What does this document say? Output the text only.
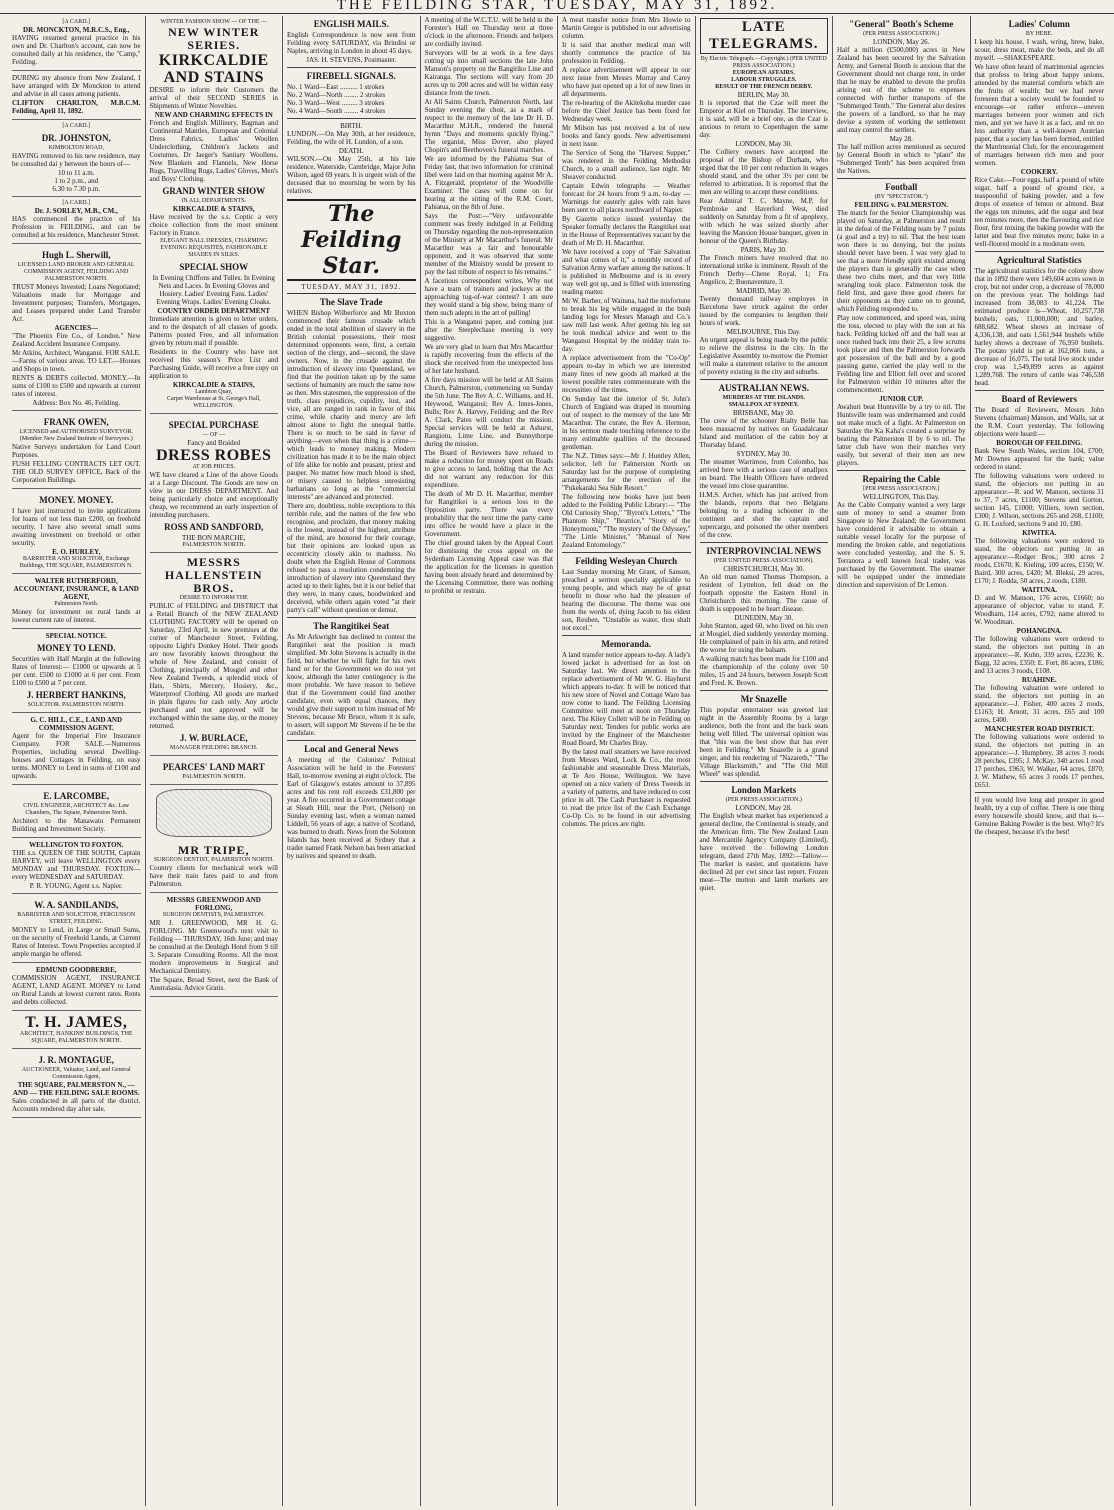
THE FEILDING STAR, TUESDAY, MAY 31, 1892.
[A CARD.]
DR. MONCKTON, M.R.C.S., Eng.,

HAVING resumed general practice in his own and Dr. Charlton's account, can now be consulted daily at his residence, the "Camp," Feilding.

DURING my absence from New Zealand, I have arranged with Dr Monckton to attend and advise in all cases among patients.

CLIFTON CHARLTON, M.B.C.M. Feilding, April 11, 1892.

[A CARD.]
DR. JOHNSTON,
KIMBOLTON ROAD,

HAVING removed to his new residence, may be consulted dai y between the hours of—

10 to 11 a.m.
1 to 2 p.m., and
6.30 to 7.30 p.m.
[A CARD.]
Dr. J. SORLEY, M.B., CM.,

HAS commenced the practice of his Profession in FEILDING, and can be consulted at his residence, Manchester Street.

Hugh L. Sherwill,
LICENSED LAND BROKER AND GENERAL COMMISSION AGENT, FEILDING AND PALMERSTON NORTH.

TRUST Moneys Invested; Loans Negotiated; Valuations made for Mortgage and Investment purposes; Transfers, Mortgages, and Leases prepared under Land Transfer Act.

AGENCIES—

"The Phoenix Fire Co., of London." New Zealand Accident Insurance Company.

Mr Atkins, Architect, Wanganui. FOR SALE.—Farms of various areas. TO LET.—Houses and Shops in town.

RENTS & DEBTS collected. MONEY.—In sums of £100 to £500 and upwards at current rates of interest.

Address: Box No. 46, Feilding.
FRANK OWEN,
LICENSED and AUTHORISED SURVEYOR. (Member New Zealand Institute of Surveyors.)

Native Surveys undertaken for Land Court Purposes.

FUSH FELLING CONTRACTS LET OUT. THE OLD SURVEY OFFICE, Back of the Corporation Buildings.

MONEY. MONEY.

I have just instructed to invite applications for loans of not less than £200, on freehold security. I have also several small sums awaiting investment on freehold or other security.

E. O. HURLEY,
BARRISTER AND SOLICITOR, Exchange Buildings, THE SQUARE, PALMERSTON N.
WALTER RUTHERFORD, ACCOUNTANT, INSURANCE, & LAND AGENT,
Palmerston North.

Money for investment on rural lands at lowest current rate of interest.

SPECIAL NOTICE.
MONEY TO LEND.

Securities with Half Margin at the following Rates of Interest:— £1000 or upwards at 5 per cent. £500 to £1000 at 6 per cent. From £100 to £500 at 7 per cent.

J. HERBERT HANKINS,
SOLICITOR. PALMERSTON NORTH.
G. C. HILL, C.E., LAND AND COMMISSION AGENT.

Agent for the Imperial Fire Insurance Company. FOR SALE.—Numerous Properties, including several Dwelling-houses and Cottages in Feilding, on easy terms. MONEY to Lend in sums of £100 and upwards.

E. LARCOMBE,
CIVIL ENGINEER, ARCHITECT &c. Law Chambers, The Square, Palmerston North.

Architect to the Manawatu Permanent Building and Investment Society.

WELLINGTON TO FOXTON.

THE s.s. QUEEN OF THE SOUTH, Captain HARVEY, will leave WELLINGTON every MONDAY and THURSDAY. FOXTON—every WEDNESDAY and SATURDAY.

P. R. YOUNG, Agent s.s. Napier.
W. A. SANDILANDS,
BARRISTER AND SOLICITOR, FERGUSSON STREET, FEILDING.

MONEY to Lend, in Large or Small Sums, on the security of Freehold Lands, at Current Rates of Interest. Town Properties accepted if ample margin be offered.

EDMUND GOODBERRE,

COMMISSION AGENT, INSURANCE AGENT, LAND AGENT. MONEY to Lend on Rural Lands at lowest current rates. Rents and debts collected.

T. H. JAMES,
ARCHITECT, HANKINS' BUILDINGS, THE SQUARE, PALMERSTON NORTH.
J. R. MONTAGUE,
AUCTIONEER, Valuator, Land, and General Commission Agent,
THE SQUARE, PALMERSTON N., — AND — THE FEILDING SALE ROOMS.

Sales conducted in all parts of the district. Accounts rendered day after sale.

WINTER FASHION SHOW — OF THE —
NEW WINTER SERIES.
KIRKCALDIE AND STAINS

DESIRE to inform their Customers the arrival of their SECOND SERIES in Shipments of Winter Novelties.

NEW AND CHARMING EFFECTS IN

French and English Millinery, Bagman and Continental Mantles, European and Colonial Dress Fabrics, Ladies' Woollen Underclothing, Children's Jackets and Costumes, Dr Jaeger's Sanitary Woollens, New Blankets and Flannels, New Horse Rugs, Travelling Rugs, Ladies' Gloves, Men's and Boys' Clothing.

GRAND WINTER SHOW
IN ALL DEPARTMENTS.
KIRKCALDIE & STAINS,

Have received by the s.s. Coptic a very choice collection from the most eminent Factory in France.

ELEGANT BALL DRESSES, CHARMING EVENING REQUISITES, FASHIONABLE SHADES IN SILKS.
SPECIAL SHOW

In Evening Chiffons and Tulles. In Evening Nets and Laces. In Evening Gloves and Hosiery. Ladies' Evening Fans. Ladies' Evening Wraps. Ladies' Evening Cloaks.

COUNTRY ORDER DEPARTMENT

Immediate attention is given to letter orders, and to the despatch of all classes of goods. Patterns posted Free, and all information given by return mail if possible.

Residents in the Country who have not received this season's Price List and Purchasing Guide, will receive a free copy on application to

KIRKCALDIE & STAINS,
Lambton Quay,
Carpet Warehouse at St. George's Hall, WELLINGTON.
SPECIAL PURCHASE
— OF —
Fancy and Braided
DRESS ROBES
AT JOB PRICES.

WE have cleared a Line of the above Goods at a Large Discount. The Goods are now on view in our DRESS DEPARTMENT. And being particularly choice and exceptionally cheap, we recommend an early inspection of intending purchasers.

ROSS AND SANDFORD,
THE BON MARCHE,
PALMERSTON NORTH.
MESSRS HALLENSTEIN BROS.
DESIRE TO INFORM THE

PUBLIC of FEILDING and DISTRICT that a Retail Branch of the NEW ZEALAND CLOTHING FACTORY will be opened on Saturday, 23rd April, in new premises at the corner of Manchester Street, Feilding, opposite Light's Donkey Hotel. Their goods are now favorably known throughout the whole of New Zealand, and consist of Clothing, principally of Mosgiel and other New Zealand Tweeds, a splendid stock of Hats, Shirts, Mercery, Hosiery, &c., Waterproof Clothing. All goods are marked in plain figures for cash only. Any article purchased and not approved will be exchanged within the same day, or the money returned.

J. W. BURLACE,
MANAGER FEILDING BRANCH.
PEARCES' LAND MART
PALMERSTON NORTH.
MR TRIPE,
SURGEON DENTIST, PALMERSTON NORTH.

Country clients for mechanical work will have their train fares paid to and from Palmerston.

MESSRS GREENWOOD AND FORLONG,
SURGEON DENTISTS, PALMERSTON.

MR J. GREENWOOD, MR H. G. FORLONG. Mr Greenwood's next visit to Feilding — THURSDAY, 16th June; and may be consulted at the Denbigh Hotel from 9 till 3. Separate Consulting Rooms. All the most modern improvements in Surgical and Mechanical Dentistry.

The Square, Broad Street, next the Bank of Australasia. Advice Gratis.

ENGLISH MAILS.

English Correspondence is now sent from Feilding every SATURDAY, via Brindisi or Naples, arriving in London in about 45 days.

JAS. H. STEVENS, Postmaster.
FIREBELL SIGNALS.
No. 1 Ward—East .......... 1 strokes
No. 2 Ward—North ........ 2 strokes
No. 3 Ward—West ......... 3 strokes
No. 4 Ward—South ........ 4 strokes
BIRTH.

LUNDON.—On May 30th, at her residence, Feilding, the wife of H. Lundon, of a son.

DEATH.

WILSON.—On May 25th, at his late residence, Waterside, Cambridge, Major John Wilson, aged 69 years. It is urgent wish of the deceased that no mourning be worn by his relatives.

The Feilding Star.
TUESDAY, MAY 31, 1892.
The Slave Trade

WHEN Bishop Wilberforce and Mr Buxton commenced their famous crusade which ended in the total abolition of slavery in the British colonial possessions, their most determined opponents were, first, a certain section of the clergy, and—second, the slave owners. Now, in the crusade against the introduction of slavery into Queensland, we find that the position taken up by the same sections of humanity are much the same now as then. Mrs statesmen, the suppression of the truth, class prejudices, cupidity, lust, and vice, all are ranged in rank in favor of this crime, while charity and mercy are left almost alone to fight the unequal battle. There is so much to be said in favor of anything—even when that thing is a crime—which leads to money making. Modern civilization has made it to be the main object of life alike for noble and peasant, priest and pauper. No matter how much blood is shed, or misery caused to helpless unresisting barbarians so long as the "commercial interests" are advanced and protected.

There are, doubtless, noble exceptions to this terrible rule, and the names of the few who recognise, and proclaim, that money making is the lowest, instead of the highest, attribute of the mind, are honored for their courage, but their opinions are looked upon as eccentricity closely akin to madness. No doubt when the English House of Commons refused to pass a resolution condemning the introduction of slavery into Queensland they acted up to their lights, but it is our belief that they were, in many cases, hoodwinked and deceived, while others again voted "at their party's call" without question or demur.

The Rangitikei Seat

As Mr Arkwright has declined to contest the Rangitikei seat the position is much simplified. Mr John Stevens is actually in the field, but whether he will fight for his own hand or for the Government we do not yet know, although the latter contingency is the more probable. We have reason to believe that if the Government could find another candidate, even with equal chances, they would give their support to him instead of Mr Stevens, because Mr Bruce, whom it is safe, to assert, will support Mr Stevens if he be the candidate.

Local and General News

A meeting of the Colonists' Political Association will be held in the Foresters' Hall, to-morrow evening at eight o'clock. The Earl of Glasgow's estates amount to 37,895 acres and his rent roll exceeds £31,800 per year. A fire occurred in a Government cottage at Sleath Hill, near the Port, (Nelson) on Sunday evening last, when a woman named Liddell, 56 years of age, a native of Scotland, was burned to death. News from the Solomon Islands has been received at Sydney that a trader named Frank Nelson has been attacked by natives and speared to death.

A meeting of the W.C.T.U. will be held in the Forester's Hall on Thursday next at three o'clock in the afternoon. Friends and helpers are cordially invited.

Surveyors will be at work in a few days cutting up into small sections the late John Manson's property on the Rangitiko Line and Kairanga. The sections will vary from 20 acres up to 200 acres and will be within easy distance from the town.

At All Saints Church, Palmerston North, last Sunday evening the choir, as a mark of respect to the memory of the late Dr H. D. Macarthur M.H.R., rendered the funeral hymn "Days and moments quickly flying." The organist, Miss Dover, also played Chopin's and Beethoven's funeral marches.

We are informed by the Pahiatua Star of Friday last, that two information for criminal libel were laid on that morning against Mr A. A. Fitzgerald, proprietor of the Woodville Examiner. The cases will come on for hearing at the sitting of the R.M. Court, Pahiatua, on the 8th of June.

Says the Post:—"Very unfavourable comment was freely indulged in at Feilding on Thursday regarding the non-representation of the Ministry at Mr Macarthur's funeral. Mr Macarthur was a fair and honourable opponent, and it was observed that some member of the Ministry would be present to pay the last tribute of respect to his remains."

A facetious correspondent writes, Why not have a team of trainers and jockeys at the approaching tug-of-war contest? I am sure they would stand a big show, being many of them such adepts in the art of pulling!

This is a Wanganui paper, and coming just after the Steeplechase meeting is very suggestive.

We are very glad to learn that Mrs Macarthur is rapidly recovering from the effects of the shock she received from the unexpected loss of her late husband.

A fire days mission will be held at All Saints Church, Palmerston, commencing on Sunday the 5th June. The Rev A. C. Williams, and H. Heywood, Wanganui; Rev A. Innes-Jones, Bulls; Rev A. Harvey, Feilding; and the Rev A. Clark, Pates will conduct the mission. Special services will be held at Ashurst, Rangiotu, Lime Line, and Bunnythorpe during the mission.

The Board of Reviewers have refused to make a reduction for money spent on Roads to give access to land, holding that the Act did not warrant any reduction for this expenditure.

The death of Mr D. H. Macarthur, member for Rangitikei is a serious loss to the Opposition party. There was every probability that the next time the party came into office he would have a place in the Government.

The chief ground taken by the Appeal Court for dismissing the cross appeal on the Sydenham Licensing Appeal case was that the application for the licenses in question having been already heard and determined by the Licensing Committee, there was nothing to prohibit or restrain.

A meat transfer notice from Mrs Howie to Martin Gregor is published in our advertising column.

It is said that another medical man will shortly commence the practice of his profession in Feilding.

A replace advertisement will appear in our next issue from Messrs Murray and Carey who have just opened up a lot of new lines in all departments.

The re-hearing of the Akitekoha murder case before the Chief Justice has been fixed for Wednesday week.

Mr Milson has just received a lot of new books and fancy goods. New advertisement in next issue.

The Service of Song the "Harvest Supper," was rendered in the Feilding Methodist Church, to a small audience, last night. Mr Sheaver conducted.

Captain Edwin telegraphs — Weather forecast for 24 hours from 9 a.m. to-day — Warnings for easterly gales with rain have been sent to all places northward of Napier.

By Gazette notice issued yesterday the Speaker formally declares the Rangitikei seat in the House of Representatives vacant by the death of Mr D. H. Macarthur.

We have received a copy of "Fair Salvation and what comes of it," a monthly record of Salvation Army warfare among the nations. It is published in Melbourne and is in every way well got up, and is filled with interesting reading matter.

Mr W. Barber, of Waituna, had the misfortune to break his leg while engaged in the bush landing logs for Messrs Managh and Co.'s saw mill last week. After getting his leg set he took medical advice and went to the Wanganui Hospital by the midday train to-day.

A replace advertisement from the "Co-Op" appears to-day in which we are interested many lines of new goods all marked at the lowest possible rates commensurate with the necessities of the times.

On Sunday last the interior of St. John's Church of England was draped in mourning out of respect to the memory of the late Mr Macarthur. The curate, the Rev A. Hermon, in his sermon made touching reference to the many estimable qualities of the deceased gentleman.

The N.Z. Times says:—Mr J. Huntley Allen, solicitor, left for Palmerston North on Saturday last for the purpose of completing arrangements for the erection of the "Pukekaraki Sea Side Resort."

The following new books have just been added to the Feilding Public Library:— "The Old Curiosity Shop," "Byron's Letters," "The Phantom Ship," "Beatrice," "Story of the Honeymoon," "The mystery of the Odyssey," "The Little Minister," "Manual of New Zealand Entomology."

Feilding Wesleyan Church

Last Sunday morning Mr Grant, of Sanson, preached a sermon specially applicable to young people, and which may be of great benefit to those who had the pleasure of hearing the discourse. The theme was one from the words of, dying Jacob to his eldest son, Reuben, "Unstable as water, thou shalt not excel."

Memoranda.

A land transfer notice appears to-day. A lady's lowed jacket is advertised for as lost on Saturday last. We direct attention to the replace advertisement of Mr W. G. Hayhurst which appears to-day. It will be noticed that his new store of Novel and Cottage Ware has now come to hand. The Feilding Licensing Committee will meet at noon on Thursday next. The Kiley Collett will be in Feilding on Saturday next. Tenders for public works are invited by the Engineer of the Manchester Road Board, Mr Charles Bray.

By the latest mail steamers we have received from Messrs Ward, Lock & Co., the most fashionable and seasonable Dress Materials, at Te Aro House, Wellington. We have opened on a nice variety of Dress Tweeds in a variety of patterns, and have reduced to cost price in all. The Cash Purchaser is requested to read the price list of the Cash Exchange Co-Op Co. to be found in our advertising columns. The prices are right.

LATE TELEGRAMS.
By Electric Telegraph.—Copyright.) (PER UNITED PRESS ASSOCIATION.)
EUROPEAN AFFAIRS.
LABOUR STRUGGLES.
RESULT OF THE FRENCH DERBY.
BERLIN, May 30.

It is reported that the Czar will meet the Emperor at Kiel on Thursday. The interview, it is said, will be a brief one, as the Czar is anxious to return to Copenhagen the same day.

LONDON, May 30.

The Colliery owners have accepted the proposal of the Bishop of Durham, who urged that the 10 per cent reduction in wages should stand, and the other 3½ per cent be referred to arbitration. It is reported that the men are willing to accept these conditions.

Rear Admiral T. C. Mayne, M.P. for Pembroke and Haverford West, died suddenly on Saturday from a fit of apoplexy, with which he was seized shortly after leaving the Mansion House banquet, given in honour of the Queen's Birthday.

PARIS, May 30.

The French miners have resolved that no international strike is imminent. Result of the French Derby—Chene Royal, 1; Fra Angelico, 2; Buonaventure, 3.

MADRID, May 30.

Twenty thousand railway employes in Barcelona have struck against the order issued by the companies to lengthen their hours of work.

MELBOURNE, This Day.

An urgent appeal is being made by the public to relieve the distress in the city. In the Legislative Assembly to-morrow the Premier will make a statement relative to the amount of poverty existing in the city and suburbs.

AUSTRALIAN NEWS.
MURDERS AT THE ISLANDS.
SMALLPOX AT SYDNEY.
BRISBANE, May 30.

The crew of the schooner Rialty Belle has been massacred by natives on Guadalcanar Island and mutilation of the cabin boy at Thursday Island.

SYDNEY, May 30.

The steamer Warrimoo, from Colombo, has arrived here with a serious case of smallpox on board. The Health Officers have ordered the vessel into close quarantine.

H.M.S. Archer, which has just arrived from the Islands, reports that two Belgians belonging to a trading schooner in the continent and shot the captain and supercargo, and poisoned the other members of the crew.

INTERPROVINCIAL NEWS
(PER UNITED PRESS ASSOCIATION).
CHRISTCHURCH, May 30.

An old man named Thomas Thompson, a resident of Lyttelton, fell dead on the footpath opposite the Eastern Hotel in Christchurch this morning. The cause of death is supposed to be heart disease.

DUNEDIN, May 30.

John Stanton, aged 60, who lived on his own at Mosgiel, died suddenly yesterday morning. He complained of pain in his arm, and retired the worse for using the balsam.

A walking match has been made for £100 and the championship of the colony over 50 miles, 15 and 24 hours, between Joseph Scott and Fred. K. Brown.

Mr Snazelle

This popular entertainer was greeted last night in the Assembly Rooms by a large audience, both the front and the back seats being well filled. The universal opinion was that "this was the best show that has ever been in Feilding." Mr Snazelle is a grand singer, and his rendering of "Nazareth," "The Village Blacksmith," and "The Old Mill Wheel" was splendid.

London Markets
(PER PRESS ASSOCIATION.)
LONDON, May 28.

The English wheat market has experienced a general decline, the Continental is steady, and the American firm. The New Zealand Loan and Mercantile Agency Company (Limited), have received the following London telegram, dated 27th May, 1892:—Tallow—The market is easier, and quotations have declined 2d per cwt since last report. Frozen meat—The mutton and lamb markets are quiet.

"General" Booth's Scheme
(PER PRESS ASSOCIATION.)
LONDON, May 26.

Half a million (£500,000) acres in New Zealand has been secured by the Salvation Army, and General Booth is anxious that the Government should not charge rent, in order that he may be enabled to devote the profits arising out of the scheme to expenses connected with further transports of the "Submerged Tenth." The General also desires the powers of a landlord, so that he may devise a system of working the settlement and may control the settlers.

May 28.

The half million acres mentioned as secured by General Booth in which to "plant" the "Submerged Tenth" has been acquired from the Natives.

Football
(BY "SPECTATOR.")
FEILDING v. PALMERSTON.

The match for the Senior Championship was played on Saturday, at Palmerston and result in the defeat of the Feilding team by 7 points (a goal and a try) to nil. That the best team won there is no denying, but the points should never have been. I was very glad to see that a more friendly spirit existed among the players than is generally the case when these two clubs meet, and that very little wrangling took place. Palmerston took the field first, and gave three good cheers for their opponents as they came on to ground, which Feilding responded to.

Play now commenced, and speed was, using the toss, elected to play with the sun at his back. Feilding kicked off and the ball was at once rushed back into their 25, a few scrums took place and then the Palmerston forwards got possession of the ball and by a good passing game, carried the play well to the Feilding line and Elliott fell over and scored for Palmerston within 10 minutes after the commencement.

JUNIOR CUP.

Awahuri beat Huntsville by a try to nil. The Huntsville team was undermanned and could not make much of a fight. At Palmerston on Saturday the Ka Kaha's created a surprise by beating the Palmerston II by 6 to nil. The latter club have won their matches very easily, but several of their men are new players.

Repairing the Cable
[PER PRESS ASSOCIATION.]
WELLINGTON, This Day.

As the Cable Company wanted a very large sum of money to send a steamer from Singapore to New Zealand; the Government have considered it advisable to obtain a suitable vessel locally for the purpose of mending the broken cable, and negotiations were concluded yesterday, and the S. S. Terranora a well known local trader, was purchased by the Government. The steamer will be equipped under the immediate direction and supervision of Dr Lemon.

Ladies' Column
BY HEBE.

I keep his house, I wash, wring, brew, bake, scour, dress meat, make the beds, and do all myself. —SHAKESPEARE.

We have often heard of matrimonial agencies that profess to bring about happy unions, attended by the material comforts which are the fruits of wealth; but we had never foreseen that a society would be founded to encourage—or rather enforce—uneven marriages between poor women and rich men, and yet we have it as a fact, and on no less authority than a well-known Austrian paper, that a society has been formed, entitled the Matrimonial Club, for the encouragement of marriages between rich men and poor women.

COOKERY.

Rice Cake.—Four eggs, half a pound of white sugar, half a pound of ground rice, a teaspoonful of baking powder, and a few drops of essence of lemon or almond. Beat the eggs ten minutes, add the sugar and beat ten minutes more, then the flavouring and rice flour, first mixing the baking powder with the latter and beat five minutes more; bake in a well-floured mould in a moderate oven.

Agricultural Statistics

The agricultural statistics for the colony show that in 1892 there were 149,604 acres sown in crop, but not under crop, a decrease of 78,000 on the previous year. The holdings had increased from 38,083 to 41,224. The estimated produce is—Wheat, 10,257,738 bushels; oats, 11,000,000; and barley, 688,682. Wheat shows an increase of 4,336,138, and oats 1,561,944 bushels while barley shows a decrease of 76,950 bushels. The potato yield is put at 162,066 tons, a decrease of 16,075. The total live stock under crop was 1,549,899 acres as against 1,289,768. The return of cattle was 746,538 head.

Board of Reviewers

The Board of Reviewers, Messrs John Stevens (chairman) Manson, and Walls, sat at the R.M. Court yesterday. The following objections were heard:—

BOROUGH OF FEILDING.

Bank New South Wales, section 104, £700; Mr Downes appeared for the bank; value ordered to stand.

The following valuations were ordered to stand, the objectors not putting in an appearance:—R. and W. Manson, sections 31 to 37, 7 acres, £1100; Stevens and Gorton, section 145, £1000; Villiers, town section, £300; J. Wilson, sections 265 and 268, £1100; G. H. Loxford, sections 9 and 10, £80.

KIWITEA.

The following valuations were ordered to stand, the objectors not putting in an appearance:—Rodger Bros.; 300 acres 2 roods, £1670; K. Kieling, 100 acres, £150; W. Baird, 300 acres, £420; M. Bleksi, 29 acres, £170; J. Rodda, 50 acres, 2 roods, £180.

WAITUNA.

D. and W. Manson, 176 acres, £1660; no appearance of objector, value to stand. F. Woodham, 114 acres, £792; name altered to W. Woodman.

POHANGINA.

The following valuations were ordered to stand, the objectors not putting in an appearance:—R. Kuhn, 339 acres, £2236; K. Bagg, 32 acres, £350; E. Fort, 86 acres, £186; and 13 acres 3 roods, £108.

RUAHINE.

The following valuation were ordered to stand, the objectors not putting in an appearance:—J. Fisher, 400 acres 2 roods, £1163; H. Arnott, 31 acres, £65 and 100 acres, £400.

MANCHESTER ROAD DISTRICT.

The following valuations were ordered to stand, the objectors not putting in an appearance:—J. Humphrey, 38 acres 3 roods 28 perches, £395; J. McKay, 340 acres 1 rood 17 perches, £963; W. Walker, 64 acres, £870; J. W. Mathew, 65 acres 3 roods 17 perches, £653.

If you would live long and prosper in good health, try a cup of coffee. There is one thing every housewife should know, and that is—Genuine Baking Powder is the best. Why? It's the cheapest, because it's the best!
